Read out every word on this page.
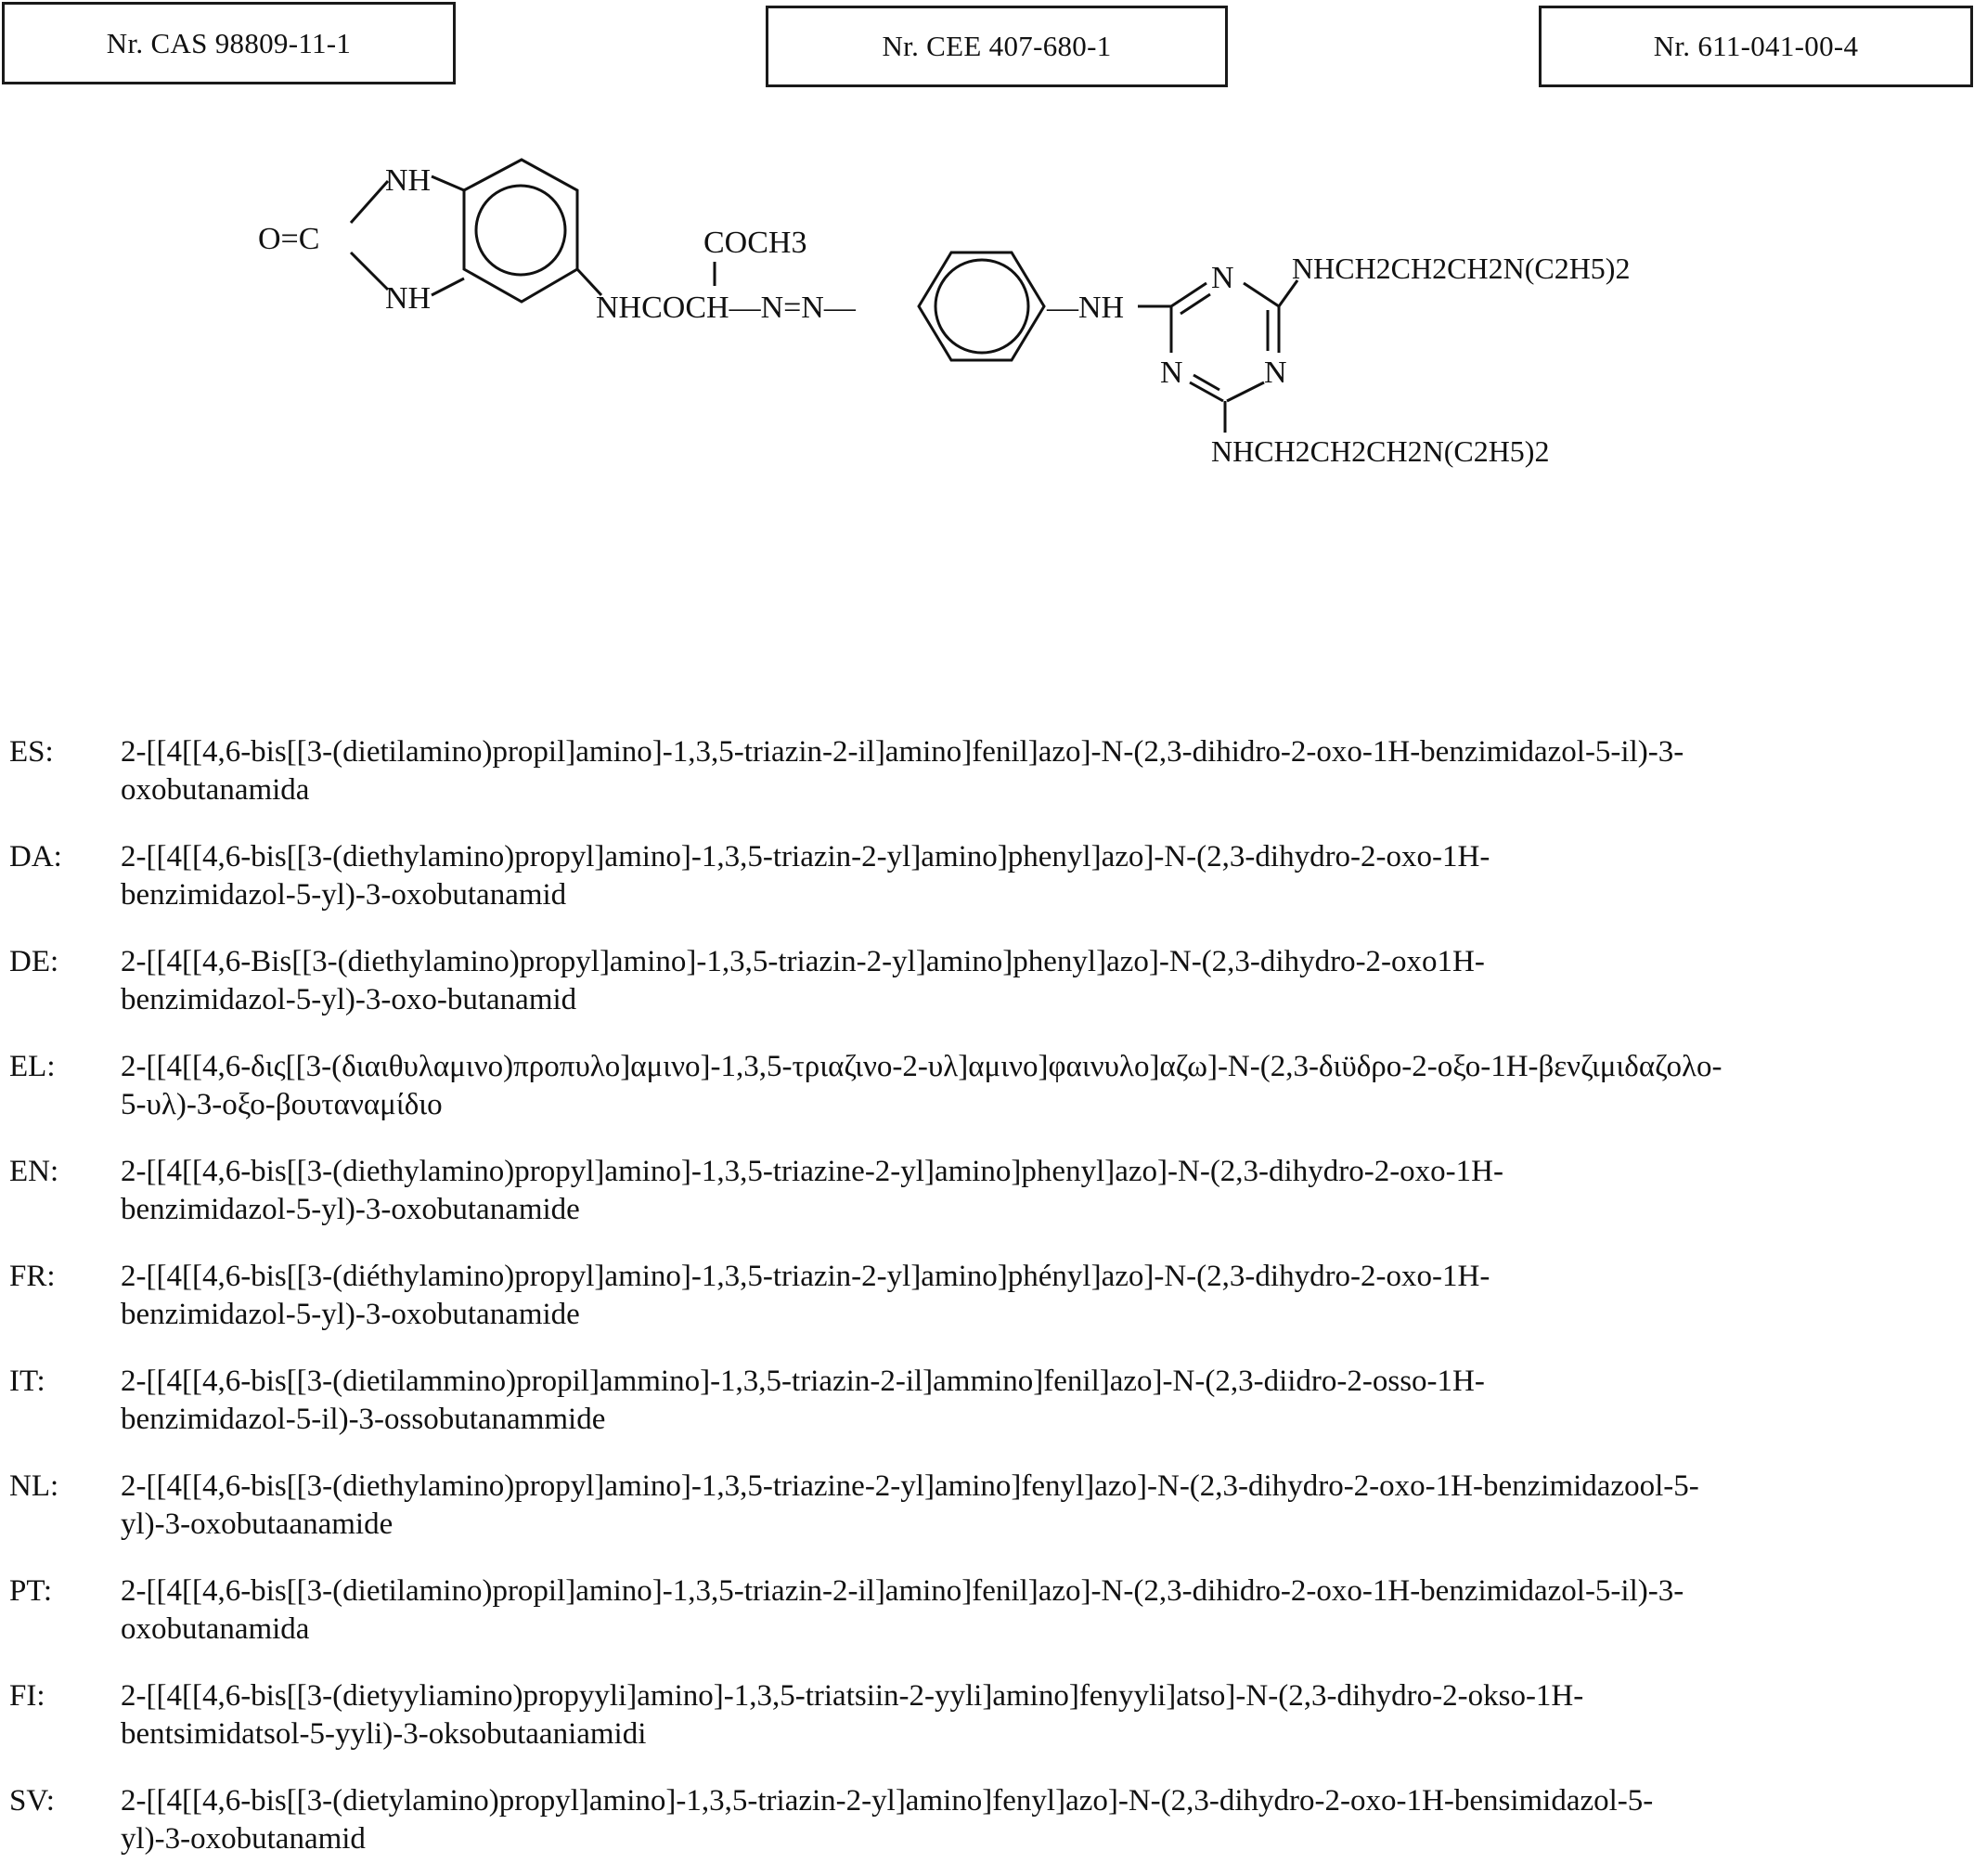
Nr. CAS 98809-11-1	Nr. CEE 407-680-1	Nr. 611-041-00-4
O=C
NH
NH
COCH3
NHCOCH—N=N—	—NH
N
N	N
NHCH2CH2CH2N(C2H5)2
NHCH2CH2CH2N(C2H5)2
ES:	2-[[4[[4,6-bis[[3-(dietilamino)propil]amino]-1,3,5-triazin-2-il]amino]fenil]azo]-N-(2,3-dihidro-2-oxo-1H-benzimidazol-5-il)-3-
oxobutanamida
DA:	2-[[4[[4,6-bis[[3-(diethylamino)propyl]amino]-1,3,5-triazin-2-yl]amino]phenyl]azo]-N-(2,3-dihydro-2-oxo-1H-
benzimidazol-5-yl)-3-oxobutanamid
DE:	2-[[4[[4,6-Bis[[3-(diethylamino)propyl]amino]-1,3,5-triazin-2-yl]amino]phenyl]azo]-N-(2,3-dihydro-2-oxo1H-
benzimidazol-5-yl)-3-oxo-butanamid
EL:	2-[[4[[4,6-δις[[3-(διαιθυλαμινο)προπυλο]αμινο]-1,3,5-τριαζινο-2-υλ]αμινο]φαινυλο]αζω]-N-(2,3-διϋδρο-2-οξο-1H-βενζιμιδαζολο-
5-υλ)-3-οξο-βουταναμίδιο
EN:	2-[[4[[4,6-bis[[3-(diethylamino)propyl]amino]-1,3,5-triazine-2-yl]amino]phenyl]azo]-N-(2,3-dihydro-2-oxo-1H-
benzimidazol-5-yl)-3-oxobutanamide
FR:	2-[[4[[4,6-bis[[3-(diéthylamino)propyl]amino]-1,3,5-triazin-2-yl]amino]phényl]azo]-N-(2,3-dihydro-2-oxo-1H-
benzimidazol-5-yl)-3-oxobutanamide
IT:	2-[[4[[4,6-bis[[3-(dietilammino)propil]ammino]-1,3,5-triazin-2-il]ammino]fenil]azo]-N-(2,3-diidro-2-osso-1H-
benzimidazol-5-il)-3-ossobutanammide
NL:	2-[[4[[4,6-bis[[3-(diethylamino)propyl]amino]-1,3,5-triazine-2-yl]amino]fenyl]azo]-N-(2,3-dihydro-2-oxo-1H-benzimidazool-5-
yl)-3-oxobutaanamide
PT:	2-[[4[[4,6-bis[[3-(dietilamino)propil]amino]-1,3,5-triazin-2-il]amino]fenil]azo]-N-(2,3-dihidro-2-oxo-1H-benzimidazol-5-il)-3-
oxobutanamida
FI:	2-[[4[[4,6-bis[[3-(dietyyliamino)propyyli]amino]-1,3,5-triatsiin-2-yyli]amino]fenyyli]atso]-N-(2,3-dihydro-2-okso-1H-
bentsimidatsol-5-yyli)-3-oksobutaaniamidi
SV:	2-[[4[[4,6-bis[[3-(dietylamino)propyl]amino]-1,3,5-triazin-2-yl]amino]fenyl]azo]-N-(2,3-dihydro-2-oxo-1H-bensimidazol-5-
yl)-3-oxobutanamid
